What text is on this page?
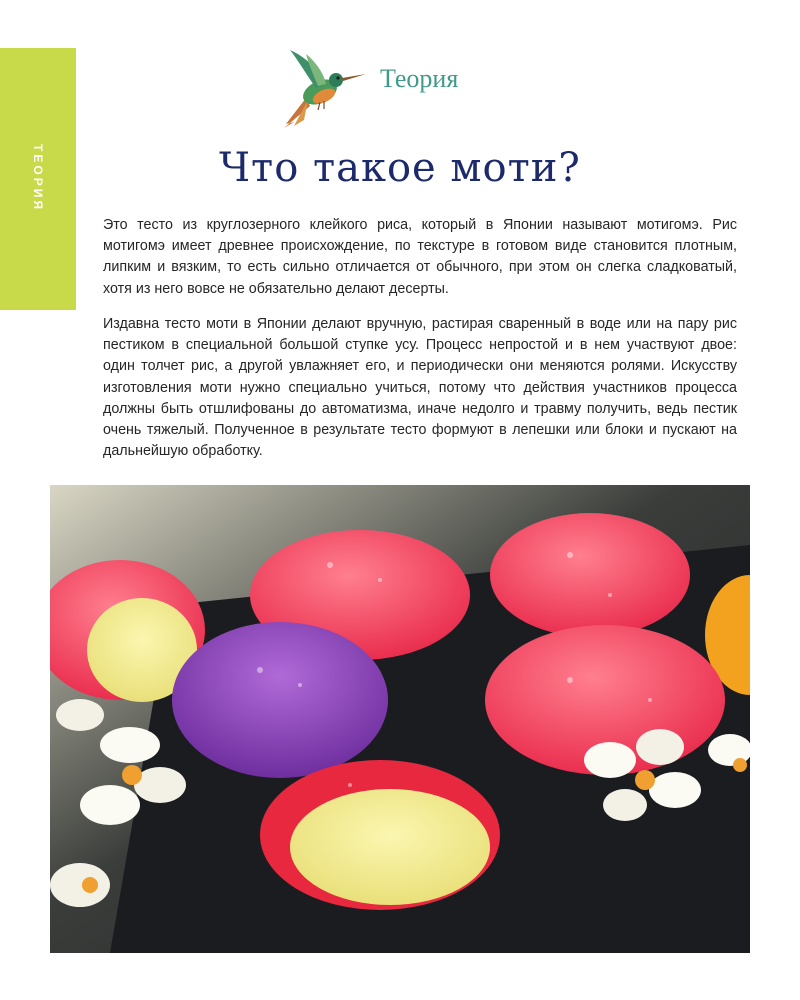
ТЕОРИЯ
Теория
Что такое моти?

Это тесто из круглозерного клейкого риса, который в Японии называют мотигомэ. Рис мотигомэ имеет древнее происхождение, по текстуре в готовом виде становится плотным, липким и вязким, то есть сильно отличается от обычного, при этом он слегка сладковатый, хотя из него вовсе не обязательно делают десерты.

Издавна тесто моти в Японии делают вручную, растирая сваренный в воде или на пару рис пестиком в специальной большой ступке усу. Процесс непростой и в нем участвуют двое: один толчет рис, а другой увлажняет его, и периодически они меняются ролями. Искусству изготовления моти нужно специально учиться, потому что действия участников процесса должны быть отшлифованы до автоматизма, иначе недолго и травму получить, ведь пестик очень тяжелый. Полученное в результате тесто формуют в лепешки или блоки и пускают на дальнейшую обработку.
